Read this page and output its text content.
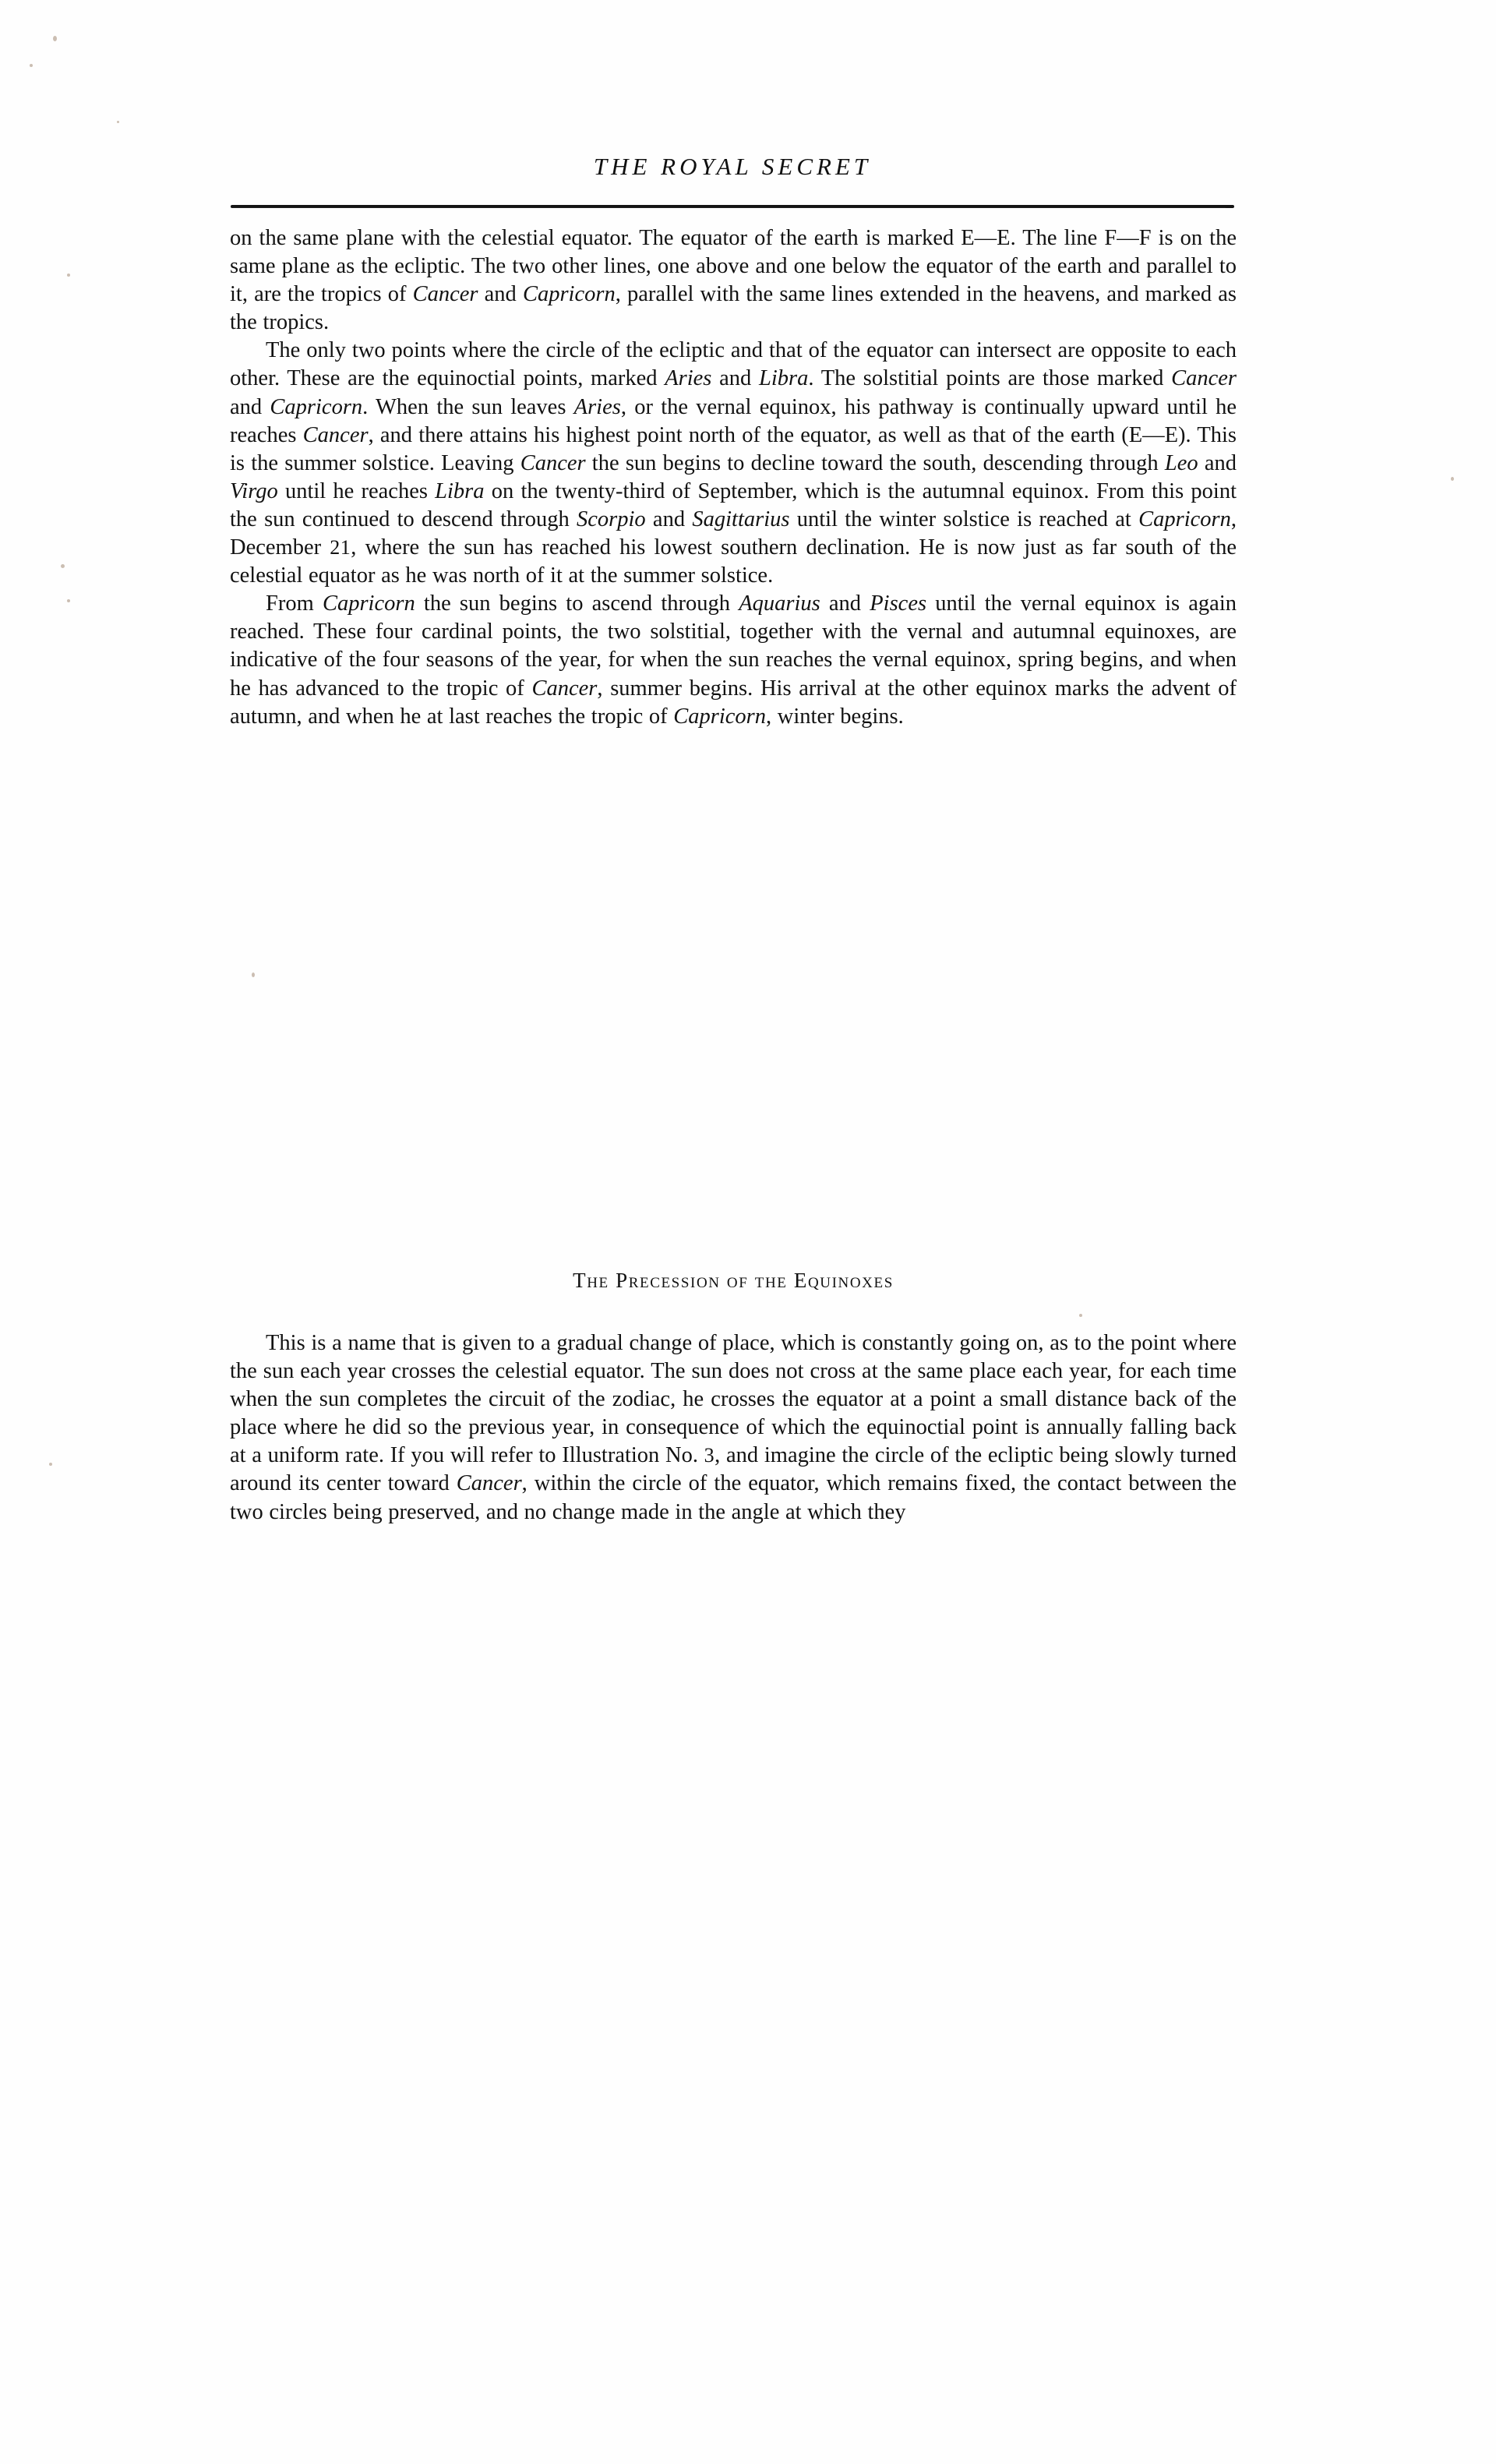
THE ROYAL SECRET

on the same plane with the celestial equator. The equator of the earth is marked E—E. The line F—F is on the same plane as the ecliptic. The two other lines, one above and one below the equator of the earth and parallel to it, are the tropics of Cancer and Capricorn, parallel with the same lines extended in the heavens, and marked as the tropics.

The only two points where the circle of the ecliptic and that of the equator can intersect are opposite to each other. These are the equinoctial points, marked Aries and Libra. The solstitial points are those marked Cancer and Capricorn. When the sun leaves Aries, or the vernal equinox, his pathway is continually upward until he reaches Cancer, and there attains his highest point north of the equator, as well as that of the earth (E—E). This is the summer solstice. Leaving Cancer the sun begins to decline toward the south, descending through Leo and Virgo until he reaches Libra on the twenty-third of September, which is the autumnal equinox. From this point the sun continued to descend through Scorpio and Sagittarius until the winter solstice is reached at Capricorn, December 21, where the sun has reached his lowest southern declination. He is now just as far south of the celestial equator as he was north of it at the summer solstice.

From Capricorn the sun begins to ascend through Aquarius and Pisces until the vernal equinox is again reached. These four cardinal points, the two solstitial, together with the vernal and autumnal equinoxes, are indicative of the four seasons of the year, for when the sun reaches the vernal equinox, spring begins, and when he has advanced to the tropic of Cancer, summer begins. His arrival at the other equinox marks the advent of autumn, and when he at last reaches the tropic of Capricorn, winter begins.

The Precession of the Equinoxes

This is a name that is given to a gradual change of place, which is constantly going on, as to the point where the sun each year crosses the celestial equator. The sun does not cross at the same place each year, for each time when the sun completes the circuit of the zodiac, he crosses the equator at a point a small distance back of the place where he did so the previous year, in consequence of which the equinoctial point is annually falling back at a uniform rate. If you will refer to Illustration No. 3, and imagine the circle of the ecliptic being slowly turned around its center toward Cancer, within the circle of the equator, which remains fixed, the contact between the two circles being preserved, and no change made in the angle at which they
